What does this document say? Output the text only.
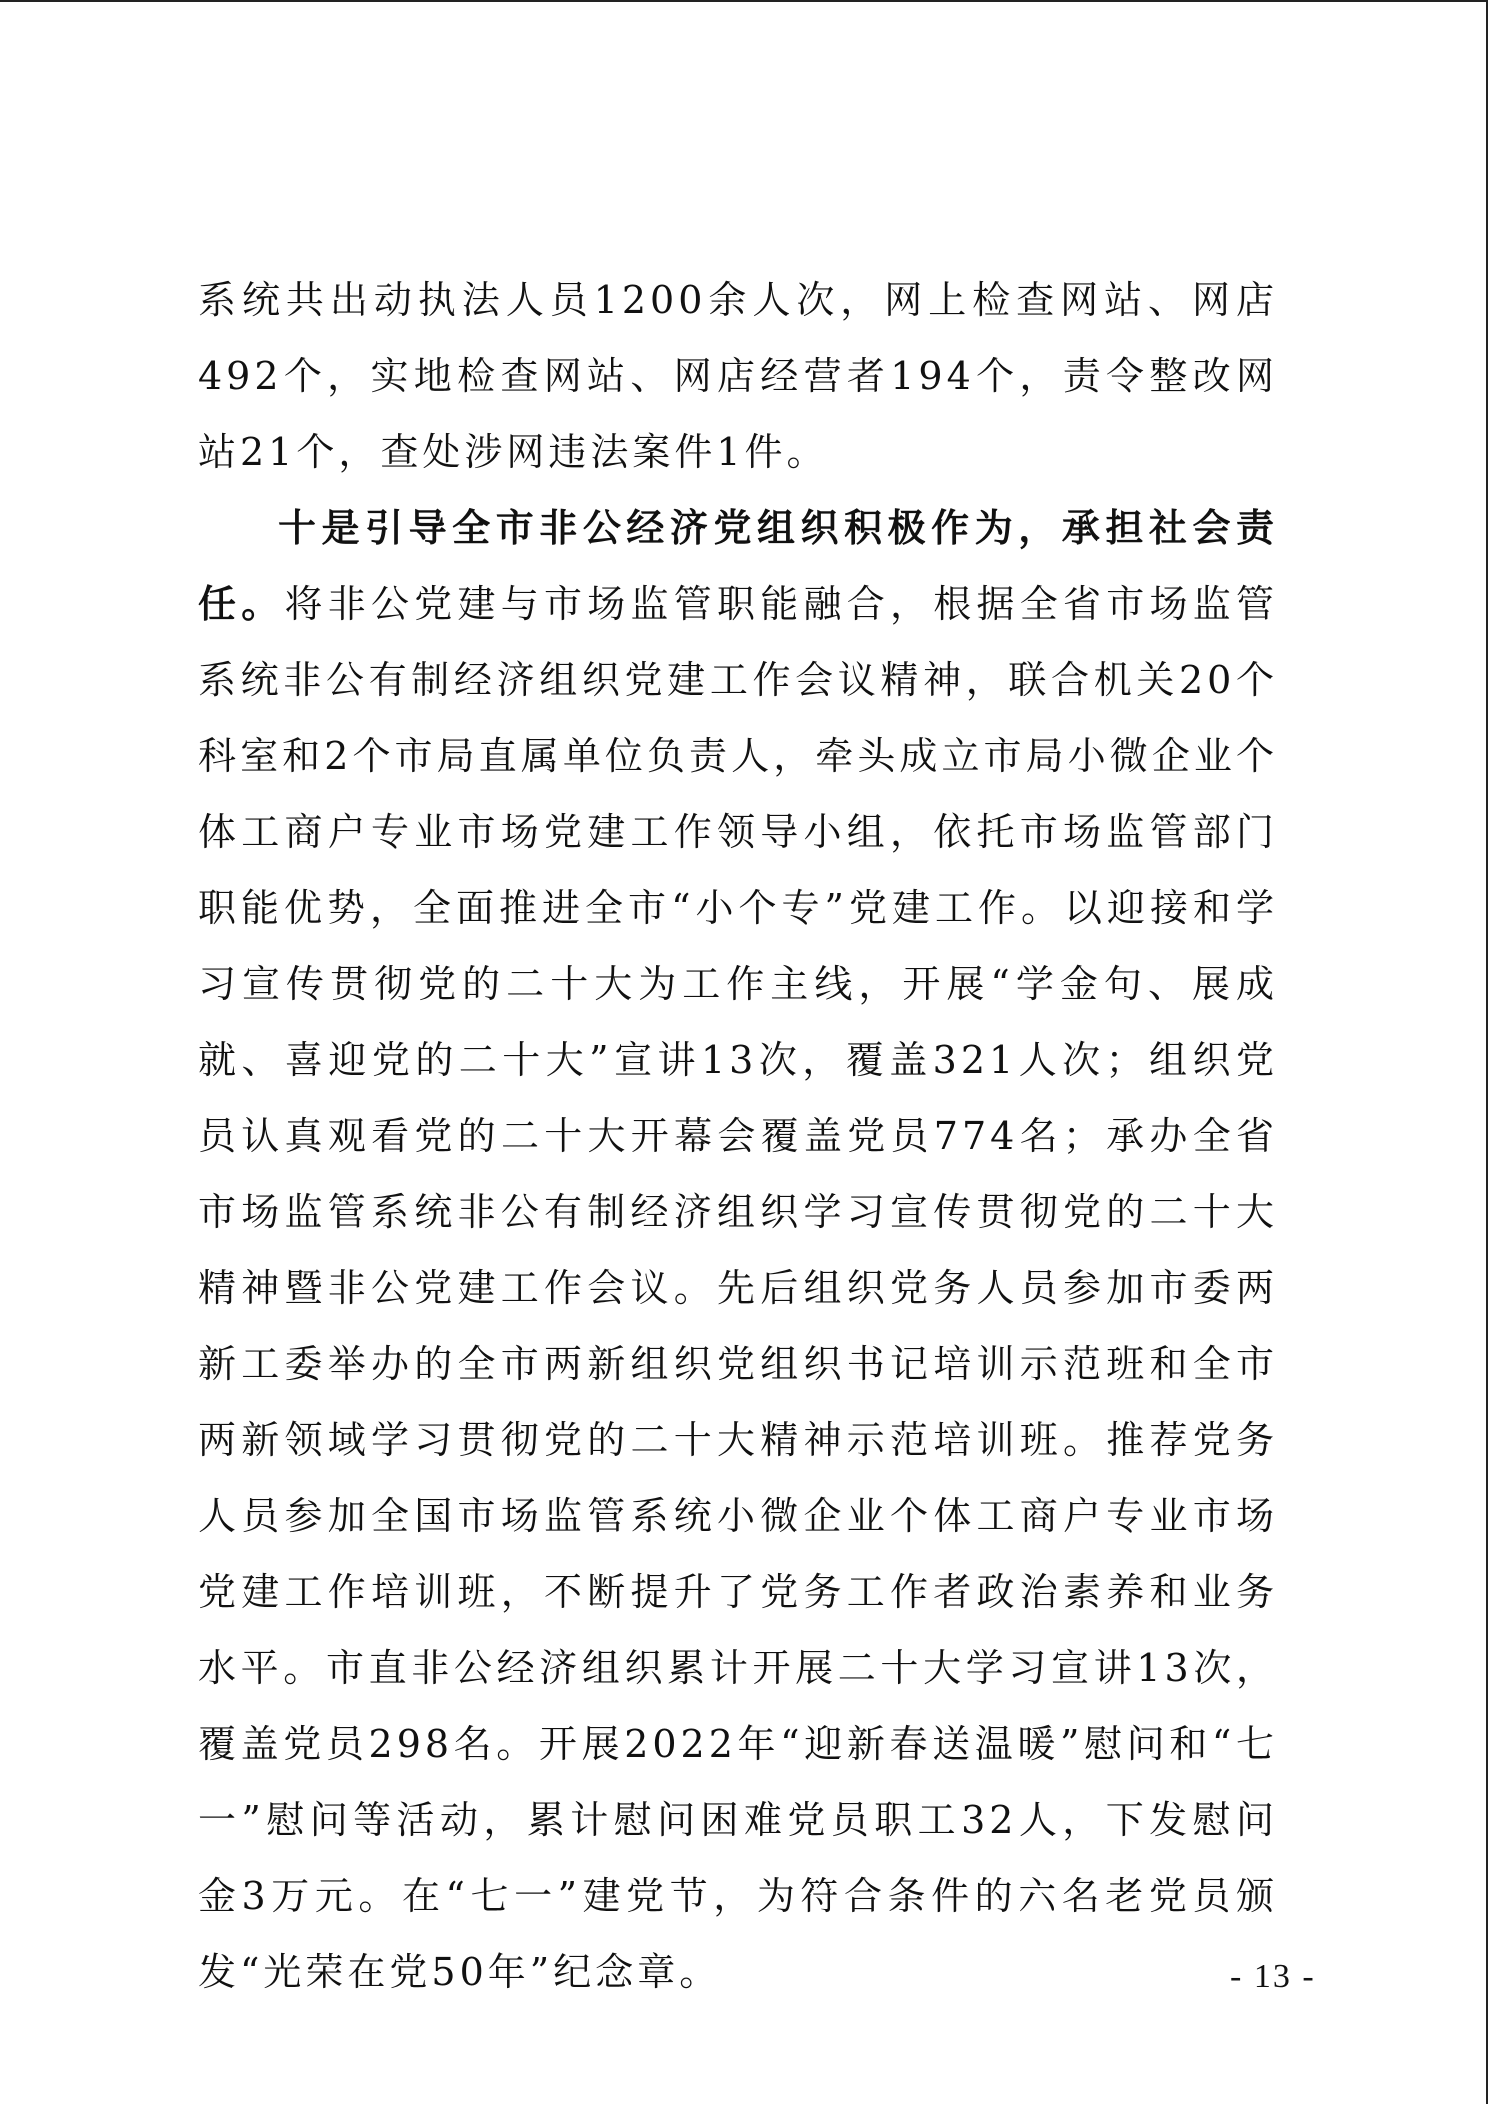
系统共出动执法人员1200余人次，网上检查网站、网店492个，实地检查网站、网店经营者194个，责令整改网站21个，查处涉网违法案件1件。

十是引导全市非公经济党组织积极作为，承担社会责任。将非公党建与市场监管职能融合，根据全省市场监管系统非公有制经济组织党建工作会议精神，联合机关20个科室和2个市局直属单位负责人，牵头成立市局小微企业个体工商户专业市场党建工作领导小组，依托市场监管部门职能优势，全面推进全市“小个专”党建工作。以迎接和学习宣传贯彻党的二十大为工作主线，开展“学金句、展成就、喜迎党的二十大”宣讲13次，覆盖321人次；组织党员认真观看党的二十大开幕会覆盖党员774名；承办全省市场监管系统非公有制经济组织学习宣传贯彻党的二十大精神暨非公党建工作会议。先后组织党务人员参加市委两新工委举办的全市两新组织党组织书记培训示范班和全市两新领域学习贯彻党的二十大精神示范培训班。推荐党务人员参加全国市场监管系统小微企业个体工商户专业市场党建工作培训班，不断提升了党务工作者政治素养和业务水平。市直非公经济组织累计开展二十大学习宣讲13次，覆盖党员298名。开展2022年“迎新春送温暖”慰问和“七一”慰问等活动，累计慰问困难党员职工32人，下发慰问金3万元。在“七一”建党节，为符合条件的六名老党员颁发“光荣在党50年”纪念章。	- 13 -
